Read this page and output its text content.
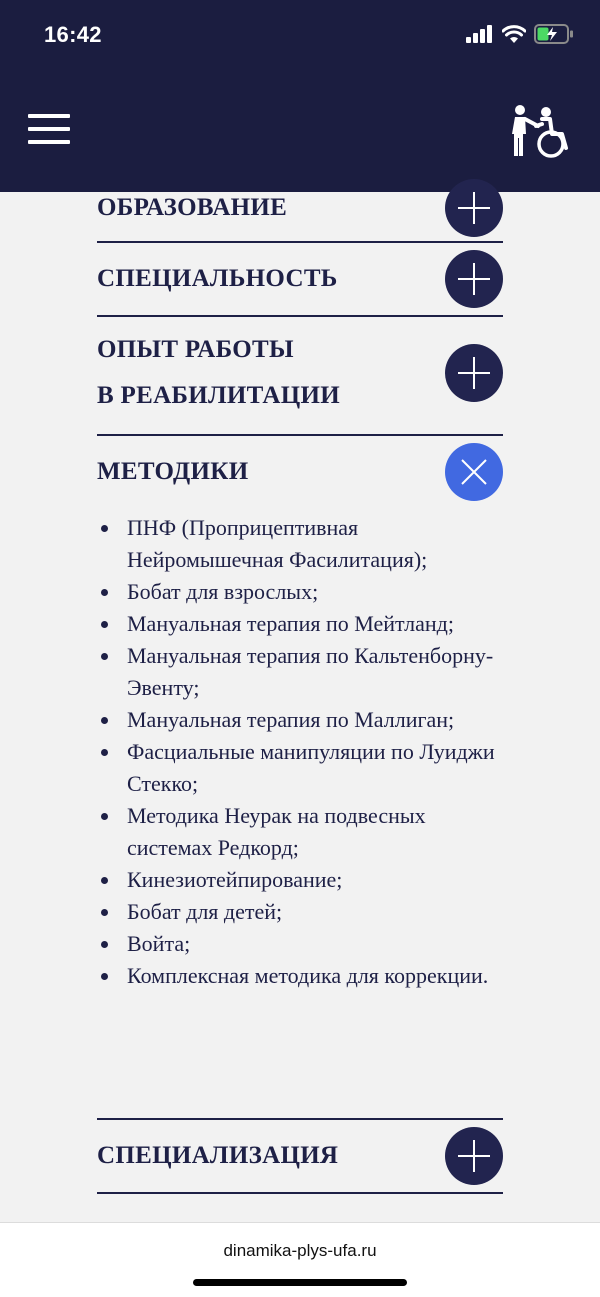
16:42
ОБРАЗОВАНИЕ
СПЕЦИАЛЬНОСТЬ
ОПЫТ РАБОТЫ
В РЕАБИЛИТАЦИИ
МЕТОДИКИ
ПНФ (Проприцептивная Нейромышечная Фасилитация);
Бобат для взрослых;
Мануальная терапия по Мейтланд;
Мануальная терапия по Кальтенборну-Эвенту;
Мануальная терапия по Маллиган;
Фасциальные манипуляции по Луиджи Стекко;
Методика Неурак на подвесных системах Редкорд;
Кинезиотейпирование;
Бобат для детей;
Войта;
Комплексная методика для коррекции.
СПЕЦИАЛИЗАЦИЯ
dinamika-plys-ufa.ru
